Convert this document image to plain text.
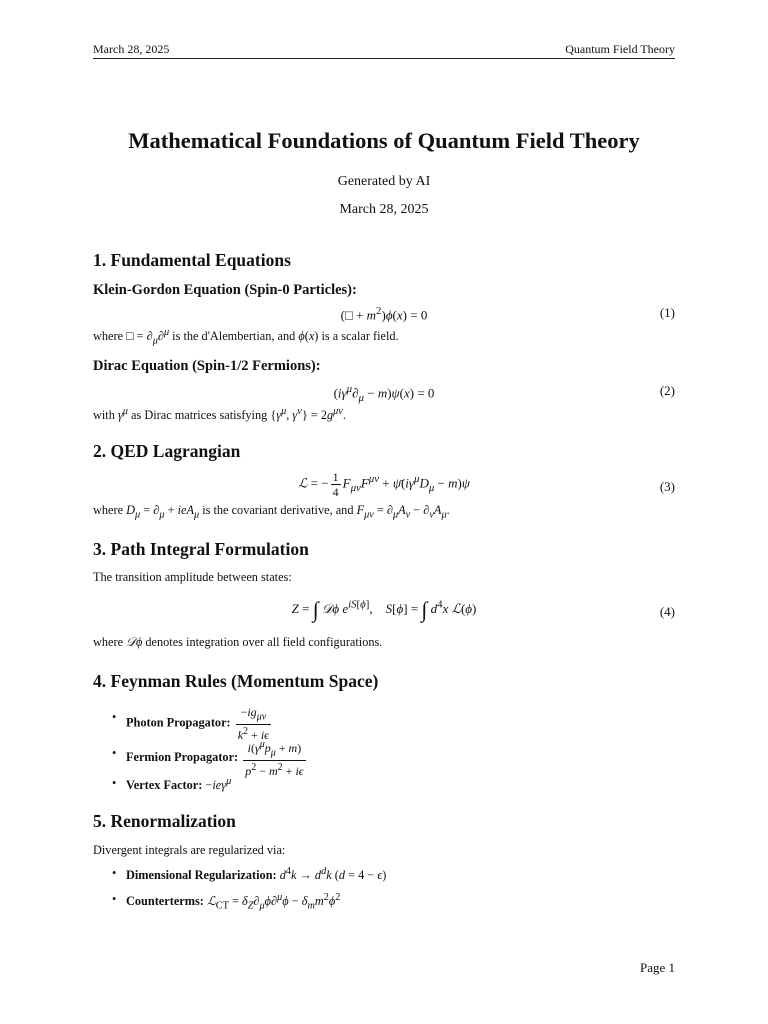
March 28, 2025	Quantum Field Theory
Mathematical Foundations of Quantum Field Theory
Generated by AI
March 28, 2025
1. Fundamental Equations
Klein-Gordon Equation (Spin-0 Particles):
(□ + $m^2)\phi(x) = 0$	(1)
where □ = $\partial_\mu\partial^\mu$ is the d'Alembertian, and ϕ(x) is a scalar field.
Dirac Equation (Spin-1/2 Fermions):
$(i\gamma^\mu\partial_\mu - m)\psi(x) = 0$	(2)
with $\gamma^\mu$ as Dirac matrices satisfying {$\gamma^\mu$, $\gamma^\nu\} = 2g^{\mu\nu}$.
2. QED Lagrangian
ℒ = − $\frac{1}{4} F_{\mu\nu}F^{\mu\nu}$ + $\psī(i\gamma^\mu D_\mu - m)\psi$	(3)
where $D_\mu = \partial_\mu + ieA_\mu$ is the covariant derivative, and $F_{\mu\nu} = \partial_\mu A_\nu - \partial_\nu A_\mu$.
3. Path Integral Formulation
The transition amplitude between states:
Z = ∫ 𝒟ϕ $e^{iS[\phi]}$,    S[ϕ] = ∫ $d^4x$ ℒ(ϕ)	(4)
where 𝒟ϕ denotes integration over all field configurations.
4. Feynman Rules (Momentum Space)
• Photon Propagator: $\frac{-ig_{\mu\nu}}{k^2 + i\epsilon}$
• Fermion Propagator: $\frac{i(\gamma^\mu p_\mu + m)}{p^2 - m^2 + i\epsilon}$
• Vertex Factor: −ieγ$^\mu$
5. Renormalization
Divergent integrals are regularized via:
• Dimensional Regularization: $d^4k \to d^dk$ (d = 4 − ϵ)
• Counterterms: ℒ$_{CT}$ = $\delta_Z\partial_\mu\phi\partial^\mu\phi - \delta_mm^2\phi^2$
Page 1
